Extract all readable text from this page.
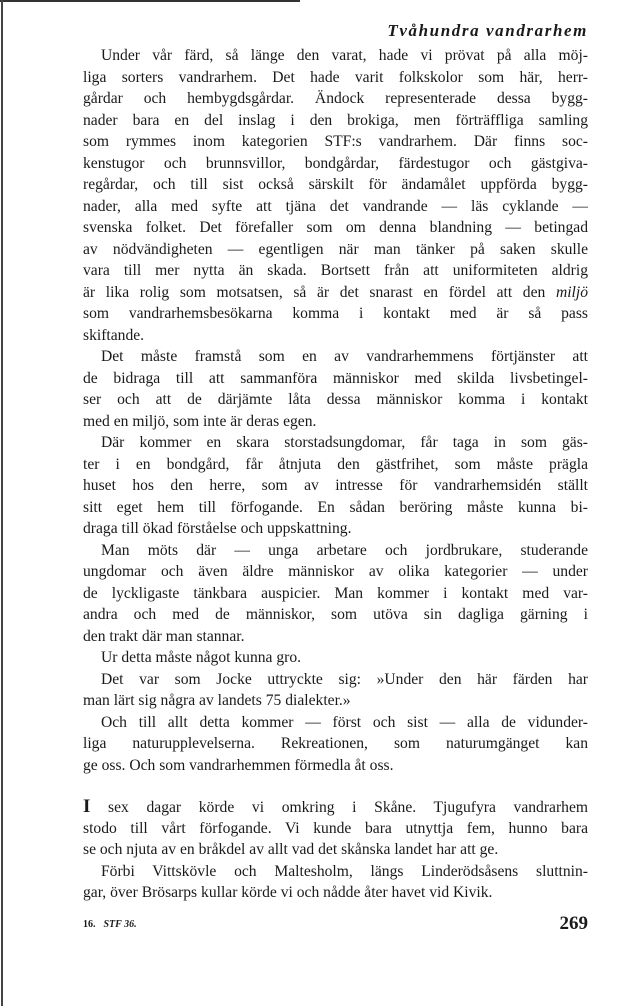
Tvåhundra vandrarhem
Under vår färd, så länge den varat, hade vi prövat på alla möj-
liga sorters vandrarhem. Det hade varit folkskolor som här, herr-
gårdar och hembygdsgårdar. Ändock representerade dessa bygg-
nader bara en del inslag i den brokiga, men förträffliga samling
som rymmes inom kategorien STF:s vandrarhem. Där finns soc-
kenstugor och brunnsvillor, bondgårdar, färdestugor och gästgiva-
regårdar, och till sist också särskilt för ändamålet uppförda bygg-
nader, alla med syfte att tjäna det vandrande — läs cyklande —
svenska folket. Det förefaller som om denna blandning — betingad
av nödvändigheten — egentligen när man tänker på saken skulle
vara till mer nytta än skada. Bortsett från att uniformiteten aldrig
är lika rolig som motsatsen, så är det snarast en fördel att den miljö
som vandrarhemsbesökarna komma i kontakt med är så pass
skiftande.
Det måste framstå som en av vandrarhemmens förtjänster att
de bidraga till att sammanföra människor med skilda livsbetingel-
ser och att de därjämte låta dessa människor komma i kontakt
med en miljö, som inte är deras egen.
Där kommer en skara storstadsungdomar, får taga in som gäs-
ter i en bondgård, får åtnjuta den gästfrihet, som måste prägla
huset hos den herre, som av intresse för vandrarhemsidén ställt
sitt eget hem till förfogande. En sådan beröring måste kunna bi-
draga till ökad förståelse och uppskattning.
Man möts där — unga arbetare och jordbrukare, studerande
ungdomar och även äldre människor av olika kategorier — under
de lyckligaste tänkbara auspicier. Man kommer i kontakt med var-
andra och med de människor, som utöva sin dagliga gärning i
den trakt där man stannar.
Ur detta måste något kunna gro.
Det var som Jocke uttryckte sig: »Under den här färden har
man lärt sig några av landets 75 dialekter.»
Och till allt detta kommer — först och sist — alla de vidunder-
liga naturupplevelserna. Rekreationen, som naturumgänget kan
ge oss. Och som vandrarhemmen förmedla åt oss.
I sex dagar körde vi omkring i Skåne. Tjugufyra vandrarhem
stodo till vårt förfogande. Vi kunde bara utnyttja fem, hunno bara
se och njuta av en bråkdel av allt vad det skånska landet har att ge.
Förbi Vittskövle och Maltesholm, längs Linderödsåsens sluttnin-
gar, över Brösarps kullar körde vi och nådde åter havet vid Kivik.
16. STF 36.	269
